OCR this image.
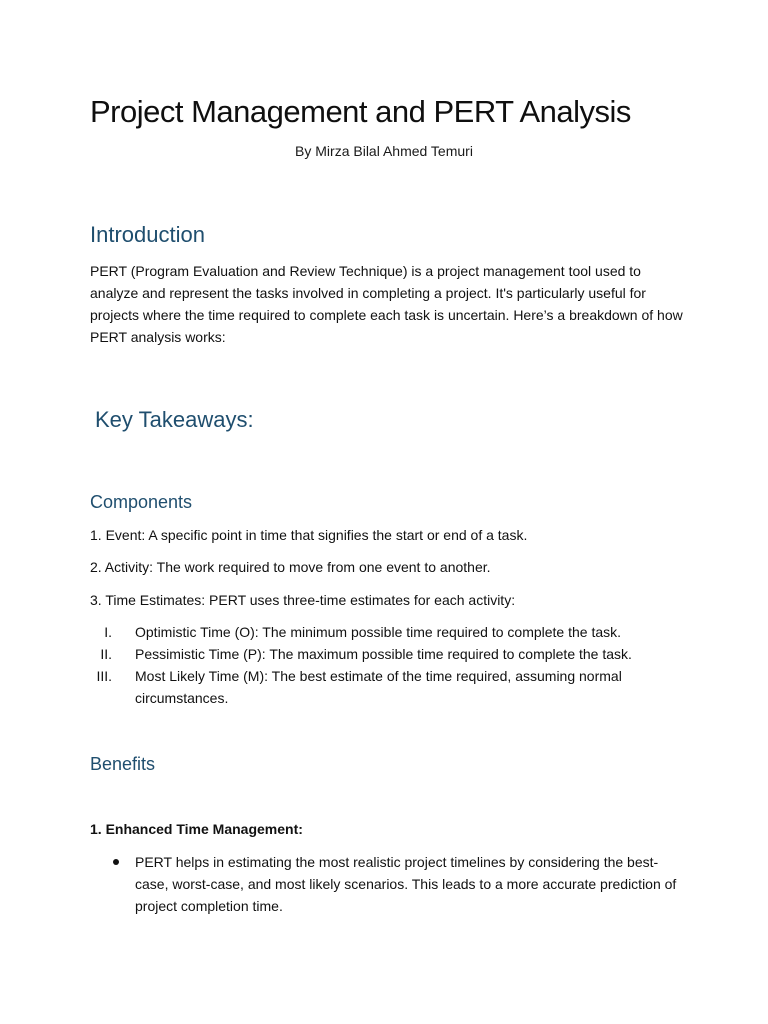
Project Management and PERT Analysis

By Mirza Bilal Ahmed Temuri

Introduction

PERT (Program Evaluation and Review Technique) is a project management tool used to analyze and represent the tasks involved in completing a project. It's particularly useful for projects where the time required to complete each task is uncertain. Here’s a breakdown of how PERT analysis works:

Key Takeaways:
Components

1. Event: A specific point in time that signifies the start or end of a task.

2. Activity: The work required to move from one event to another.

3. Time Estimates: PERT uses three-time estimates for each activity:

I. Optimistic Time (O): The minimum possible time required to complete the task.
II. Pessimistic Time (P): The maximum possible time required to complete the task.
III. Most Likely Time (M): The best estimate of the time required, assuming normal circumstances.
Benefits

1. Enhanced Time Management:

PERT helps in estimating the most realistic project timelines by considering the best-case, worst-case, and most likely scenarios. This leads to a more accurate prediction of project completion time.
